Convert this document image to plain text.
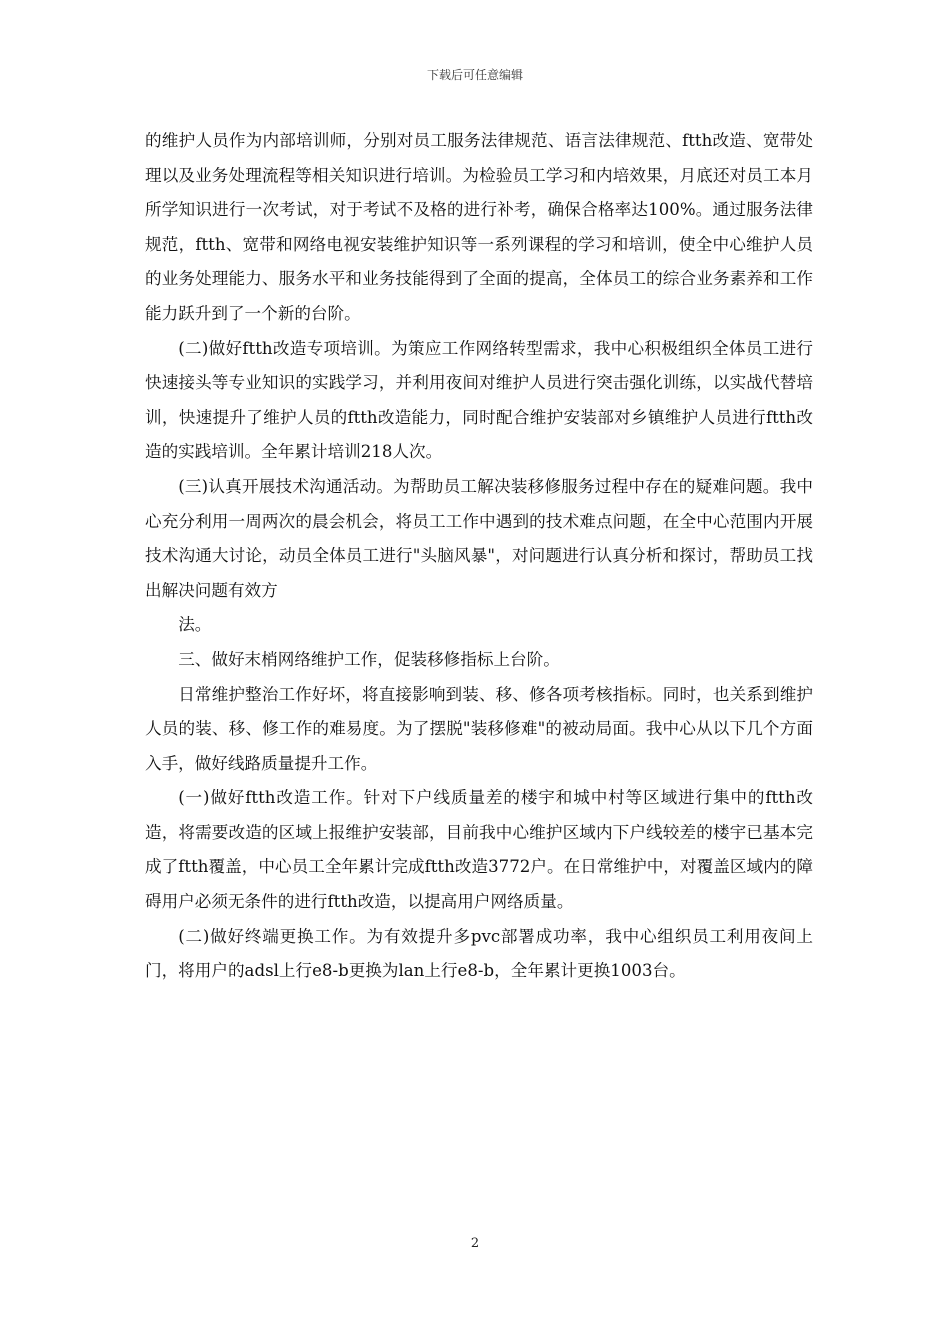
下载后可任意编辑

的维护人员作为内部培训师，分别对员工服务法律规范、语言法律规范、ftth改造、宽带处理以及业务处理流程等相关知识进行培训。为检验员工学习和内培效果，月底还对员工本月所学知识进行一次考试，对于考试不及格的进行补考，确保合格率达100%。通过服务法律规范，ftth、宽带和网络电视安装维护知识等一系列课程的学习和培训，使全中心维护人员的业务处理能力、服务水平和业务技能得到了全面的提高，全体员工的综合业务素养和工作能力跃升到了一个新的台阶。

(二)做好ftth改造专项培训。为策应工作网络转型需求，我中心积极组织全体员工进行快速接头等专业知识的实践学习，并利用夜间对维护人员进行突击强化训练，以实战代替培训，快速提升了维护人员的ftth改造能力，同时配合维护安装部对乡镇维护人员进行ftth改造的实践培训。全年累计培训218人次。

(三)认真开展技术沟通活动。为帮助员工解决装移修服务过程中存在的疑难问题。我中心充分利用一周两次的晨会机会，将员工工作中遇到的技术难点问题，在全中心范围内开展技术沟通大讨论，动员全体员工进行"头脑风暴"，对问题进行认真分析和探讨，帮助员工找出解决问题有效方

法。

三、做好末梢网络维护工作，促装移修指标上台阶。

日常维护整治工作好坏，将直接影响到装、移、修各项考核指标。同时，也关系到维护人员的装、移、修工作的难易度。为了摆脱"装移修难"的被动局面。我中心从以下几个方面入手，做好线路质量提升工作。

(一)做好ftth改造工作。针对下户线质量差的楼宇和城中村等区域进行集中的ftth改造，将需要改造的区域上报维护安装部，目前我中心维护区域内下户线较差的楼宇已基本完成了ftth覆盖，中心员工全年累计完成ftth改造3772户。在日常维护中，对覆盖区域内的障碍用户必须无条件的进行ftth改造，以提高用户网络质量。

(二)做好终端更换工作。为有效提升多pvc部署成功率，我中心组织员工利用夜间上门，将用户的adsl上行e8-b更换为lan上行e8-b，全年累计更换1003台。

2
